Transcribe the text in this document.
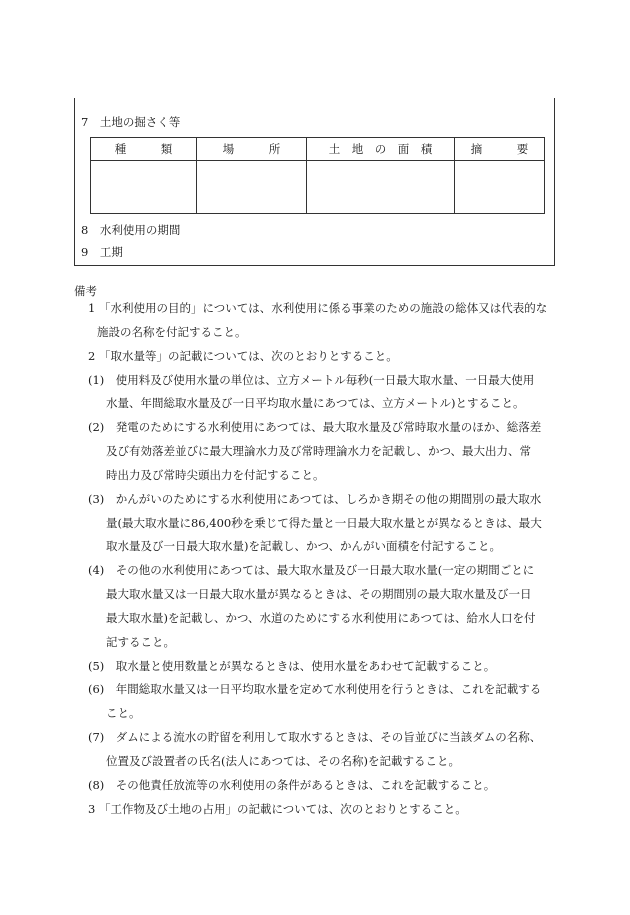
7　土地の掘さく等
種　　　類	場　　　所	土　地　の　面　積	摘　　　要

8　水利使用の期間
9　工期
備考
1 「水利使用の目的」については、水利使用に係る事業のための施設の総体又は代表的な
施設の名称を付記すること。
2 「取水量等」の記載については、次のとおりとすること。
(1)　使用料及び使用水量の単位は、立方メートル毎秒(一日最大取水量、一日最大使用
水量、年間総取水量及び一日平均取水量にあつては、立方メートル)とすること。
(2)　発電のためにする水利使用にあつては、最大取水量及び常時取水量のほか、総落差
及び有効落差並びに最大理論水力及び常時理論水力を記載し、かつ、最大出力、常
時出力及び常時尖頭出力を付記すること。
(3)　かんがいのためにする水利使用にあつては、しろかき期その他の期間別の最大取水
量(最大取水量に86,400秒を乗じて得た量と一日最大取水量とが異なるときは、最大
取水量及び一日最大取水量)を記載し、かつ、かんがい面積を付記すること。
(4)　その他の水利使用にあつては、最大取水量及び一日最大取水量(一定の期間ごとに
最大取水量又は一日最大取水量が異なるときは、その期間別の最大取水量及び一日
最大取水量)を記載し、かつ、水道のためにする水利使用にあつては、給水人口を付
記すること。
(5)　取水量と使用数量とが異なるときは、使用水量をあわせて記載すること。
(6)　年間総取水量又は一日平均取水量を定めて水利使用を行うときは、これを記載する
こと。
(7)　ダムによる流水の貯留を利用して取水するときは、その旨並びに当該ダムの名称、
位置及び設置者の氏名(法人にあつては、その名称)を記載すること。
(8)　その他責任放流等の水利使用の条件があるときは、これを記載すること。
3 「工作物及び土地の占用」の記載については、次のとおりとすること。
